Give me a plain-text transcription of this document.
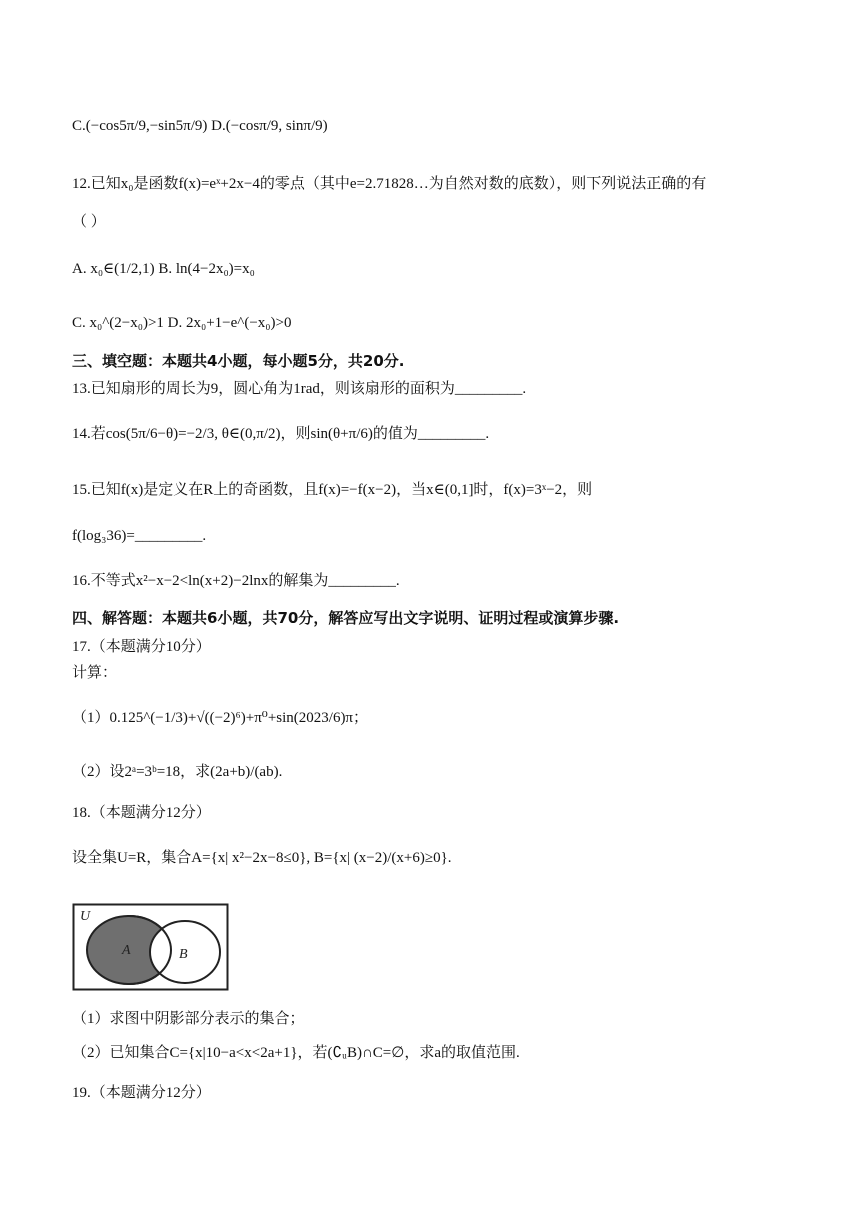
C.(−cos5π/9,−sin5π/9) D.(−cosπ/9, sinπ/9)
12.已知x₀是函数f(x)=eˣ+2x−4的零点（其中e=2.71828…为自然对数的底数），则下列说法正确的有
（ ）
A. x₀∈(1/2,1) B. ln(4−2x₀)=x₀
C. x₀^(2−x₀)>1 D. 2x₀+1−e^(−x₀)>0
三、填空题：本题共4小题，每小题5分，共20分.
13.已知扇形的周长为9，圆心角为1rad，则该扇形的面积为_________.
14.若cos(5π/6−θ)=−2/3, θ∈(0,π/2)，则sin(θ+π/6)的值为_________.
15.已知f(x)是定义在R上的奇函数，且f(x)=−f(x−2)，当x∈(0,1]时，f(x)=3ˣ−2，则
f(log₃36)=_________.
16.不等式x²−x−2<ln(x+2)−2lnx的解集为_________.
四、解答题：本题共6小题，共70分，解答应写出文字说明、证明过程或演算步骤.
17.（本题满分10分）
计算：
（1）0.125^(−1/3)+√((−2)⁶)+π⁰+sin(2023/6)π；
（2）设2ᵃ=3ᵇ=18，求(2a+b)/(ab).
18.（本题满分12分）
设全集U=R，集合A={x| x²−2x−8≤0}, B={x| (x−2)/(x+6)≥0}.
U
A	B
（1）求图中阴影部分表示的集合；
（2）已知集合C={x|10−a<x<2a+1}，若(∁ᵤB)∩C=∅，求a的取值范围.
19.（本题满分12分）
